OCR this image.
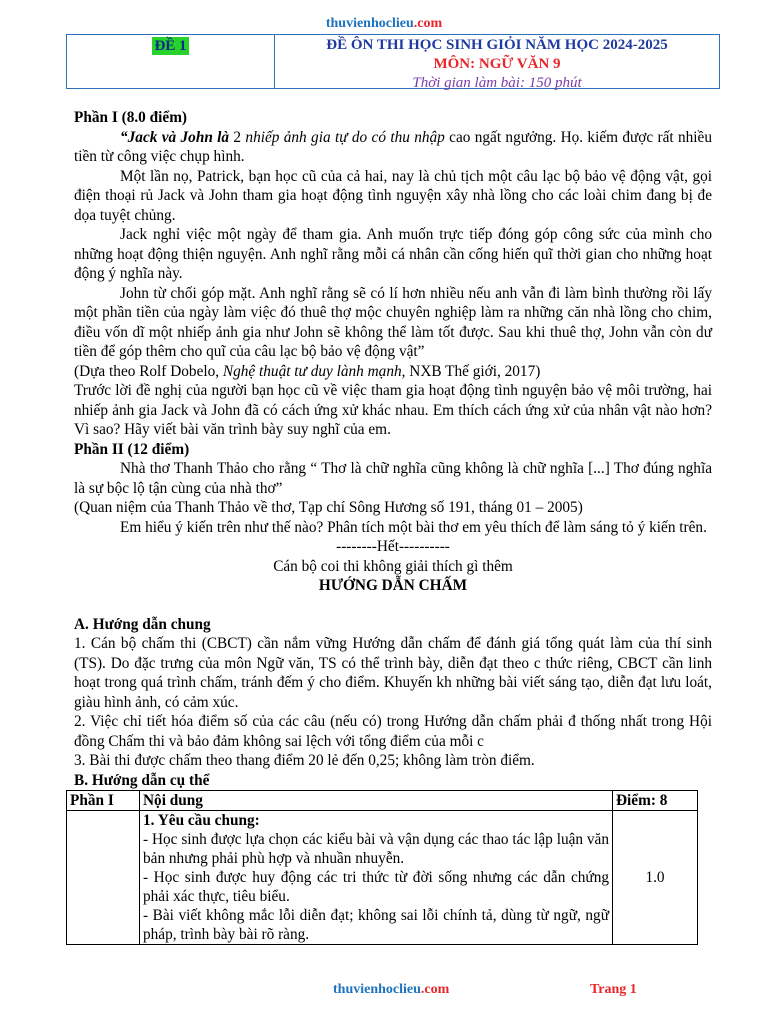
thuvienhoclieu.com
ĐỀ 1	ĐỀ ÔN THI HỌC SINH GIỎI NĂM HỌC 2024-2025
MÔN: NGỮ VĂN 9
Thời gian làm bài: 150 phút

Phần I (8.0 điểm)

“Jack và John là 2 nhiếp ảnh gia tự do có thu nhập cao ngất ngưởng. Họ. kiếm được rất nhiều tiền từ công việc chụp hình.

Một lần nọ, Patrick, bạn học cũ của cả hai, nay là chủ tịch một câu lạc bộ bảo vệ động vật, gọi điện thoại rủ Jack và John tham gia hoạt động tình nguyện xây nhà lồng cho các loài chim đang bị đe dọa tuyệt chủng.

Jack nghỉ việc một ngày để tham gia. Anh muốn trực tiếp đóng góp công sức của mình cho những hoạt động thiện nguyện. Anh nghĩ rằng mỗi cá nhân cần cống hiến quĩ thời gian cho những hoạt động ý nghĩa này.

John từ chối góp mặt. Anh nghĩ rằng sẽ có lí hơn nhiều nếu anh vẫn đi làm bình thường rồi lấy một phần tiền của ngày làm việc đó thuê thợ mộc chuyên nghiệp làm ra những căn nhà lồng cho chim, điều vốn dĩ một nhiếp ảnh gia như John sẽ không thể làm tốt được. Sau khi thuê thợ, John vẫn còn dư tiền để góp thêm cho quĩ của câu lạc bộ bảo vệ động vật”

(Dựa theo Rolf Dobelo, Nghệ thuật tư duy lành mạnh, NXB Thế giới, 2017)

Trước lời đề nghị của người bạn học cũ về việc tham gia hoạt động tình nguyện bảo vệ môi trường, hai nhiếp ảnh gia Jack và John đã có cách ứng xử khác nhau. Em thích cách ứng xử của nhân vật nào hơn? Vì sao? Hãy viết bài văn trình bày suy nghĩ của em.

Phần II (12 điểm)

Nhà thơ Thanh Thảo cho rằng “ Thơ là chữ nghĩa cũng không là chữ nghĩa [...] Thơ đúng nghĩa là sự bộc lộ tận cùng của nhà thơ”

(Quan niệm của Thanh Thảo về thơ, Tạp chí Sông Hương số 191, tháng 01 – 2005)

Em hiểu ý kiến trên như thế nào? Phân tích một bài thơ em yêu thích để làm sáng tỏ ý kiến trên.

--------Hết----------

Cán bộ coi thi không giải thích gì thêm

HƯỚNG DẪN CHẤM

A. Hướng dẫn chung

1. Cán bộ chấm thi (CBCT) cần nắm vững Hướng dẫn chấm để đánh giá tổng quát làm của thí sinh (TS). Do đặc trưng của môn Ngữ văn, TS có thể trình bày, diễn đạt theo c thức riêng, CBCT cần linh hoạt trong quá trình chấm, tránh đếm ý cho điểm. Khuyến kh những bài viết sáng tạo, diễn đạt lưu loát, giàu hình ảnh, có cảm xúc.

2. Việc chỉ tiết hóa điểm số của các câu (nếu có) trong Hướng dẫn chấm phải đ thống nhất trong Hội đồng Chấm thi và bảo đảm không sai lệch với tổng điểm của mỗi c

3. Bài thi được chấm theo thang điểm 20 lẻ đến 0,25; không làm tròn điểm.

B. Hướng dẫn cụ thể

Phần I	Nội dung	Điểm: 8

	1. Yêu cầu chung:
- Học sinh được lựa chọn các kiểu bài và vận dụng các thao tác lập luận văn bản nhưng phải phù hợp và nhuần nhuyễn.
- Học sinh được huy động các tri thức từ đời sống nhưng các dẫn chứng phải xác thực, tiêu biểu.
- Bài viết không mắc lỗi diễn đạt; không sai lỗi chính tả, dùng từ ngữ, ngữ pháp, trình bày bài rõ ràng.	1.0
thuvienhoclieu.com	Trang 1
